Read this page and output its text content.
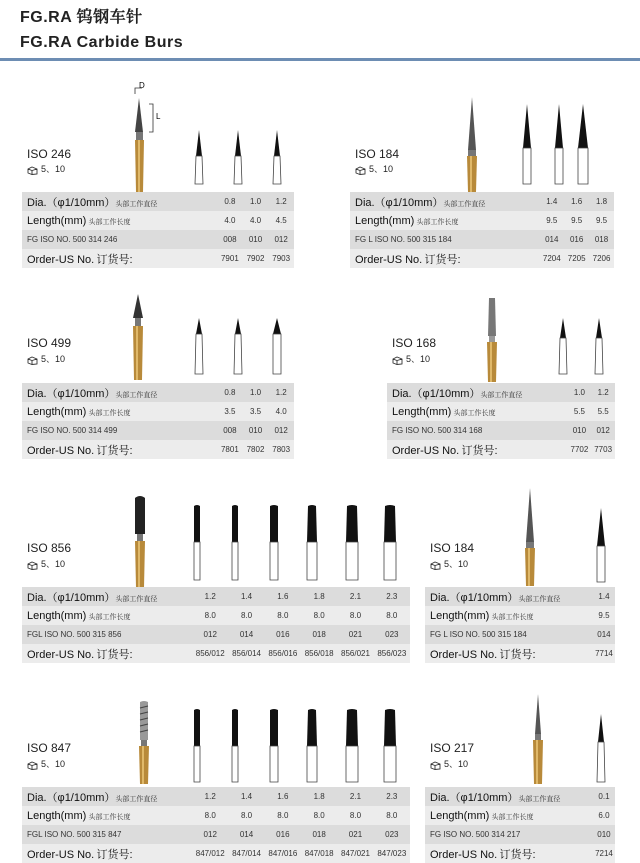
FG.RA 钨钢车针
FG.RA Carbide Burs
ISO 246
5、10
D
L
Dia.（φ1/10mm）头部工作直径	0.8	1.0	1.2
Length(mm) 头部工作长度	4.0	4.0	4.5
FG ISO NO. 500 314 246	008	010	012
Order-US No. 订货号:	7901	7902	7903
ISO 184
5、10
Dia.（φ1/10mm）头部工作直径	1.4	1.6	1.8
Length(mm) 头部工作长度	9.5	9.5	9.5
FG L ISO NO. 500 315 184	014	016	018
Order-US No. 订货号:	7204	7205	7206
ISO 499
5、10
Dia.（φ1/10mm）头部工作直径	0.8	1.0	1.2
Length(mm) 头部工作长度	3.5	3.5	4.0
FG ISO NO. 500 314 499	008	010	012
Order-US No. 订货号:	7801	7802	7803
ISO 168
5、10
Dia.（φ1/10mm）头部工作直径	1.0	1.2
Length(mm) 头部工作长度	5.5	5.5
FG ISO NO. 500 314 168	010	012
Order-US No. 订货号:	7702	7703
ISO 856
5、10
Dia.（φ1/10mm）头部工作直径	1.2	1.4	1.6	1.8	2.1	2.3
Length(mm) 头部工作长度	8.0	8.0	8.0	8.0	8.0	8.0
FGL ISO NO. 500 315 856	012	014	016	018	021	023
Order-US No. 订货号:	856/012	856/014	856/016	856/018	856/021	856/023
ISO 184
5、10
Dia.（φ1/10mm）头部工作直径	1.4
Length(mm) 头部工作长度	9.5
FG L ISO NO. 500 315 184	014
Order-US No. 订货号:	7714
ISO 847
5、10
Dia.（φ1/10mm）头部工作直径	1.2	1.4	1.6	1.8	2.1	2.3
Length(mm) 头部工作长度	8.0	8.0	8.0	8.0	8.0	8.0
FGL ISO NO. 500 315 847	012	014	016	018	021	023
Order-US No. 订货号:	847/012	847/014	847/016	847/018	847/021	847/023
ISO 217
5、10
Dia.（φ1/10mm）头部工作直径	0.1
Length(mm) 头部工作长度	6.0
FG ISO NO. 500 314 217	010
Order-US No. 订货号:	7214
